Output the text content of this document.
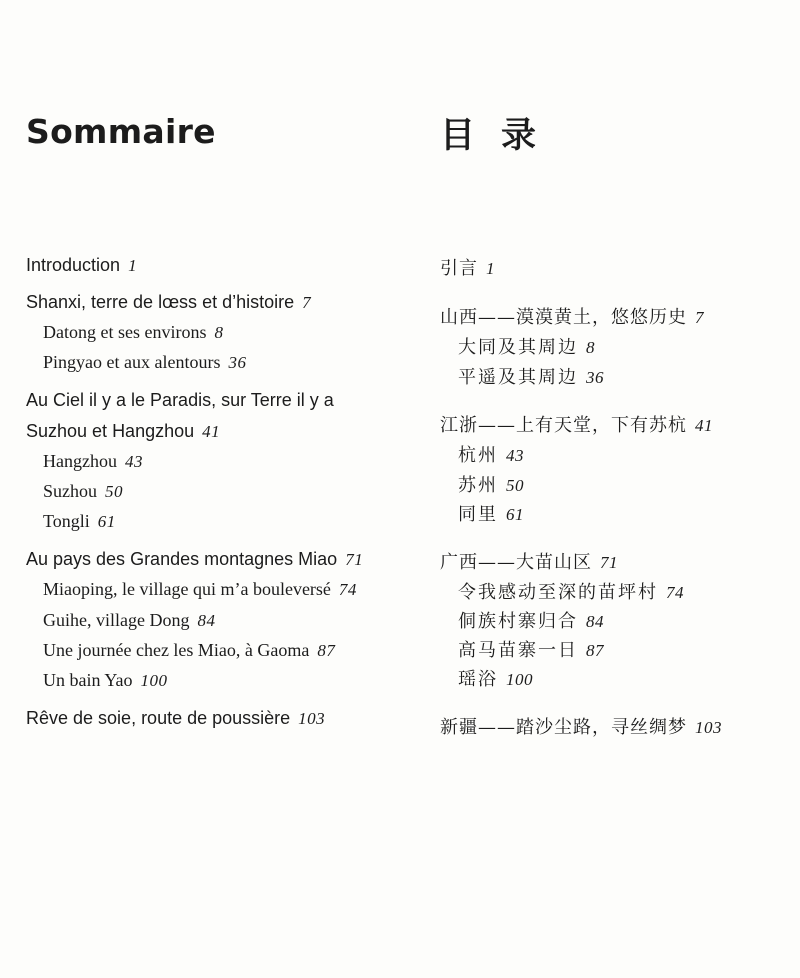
Sommaire
Introduction 1
Shanxi, terre de lœss et d’histoire 7
Datong et ses environs 8
Pingyao et aux alentours 36
Au Ciel il y a le Paradis, sur Terre il y a
Suzhou et Hangzhou 41
Hangzhou 43
Suzhou 50
Tongli 61
Au pays des Grandes montagnes Miao 71
Miaoping, le village qui m’a bouleversé 74
Guihe, village Dong 84
Une journée chez les Miao, à Gaoma 87
Un bain Yao 100
Rêve de soie, route de poussière 103
目录
引言 1
山西——漠漠黄土，悠悠历史 7
大同及其周边 8
平遥及其周边 36
江浙——上有天堂，下有苏杭 41
杭州 43
苏州 50
同里 61
广西——大苗山区 71
令我感动至深的苗坪村 74
侗族村寨归合 84
高马苗寨一日 87
瑶浴 100
新疆——踏沙尘路，寻丝绸梦 103
